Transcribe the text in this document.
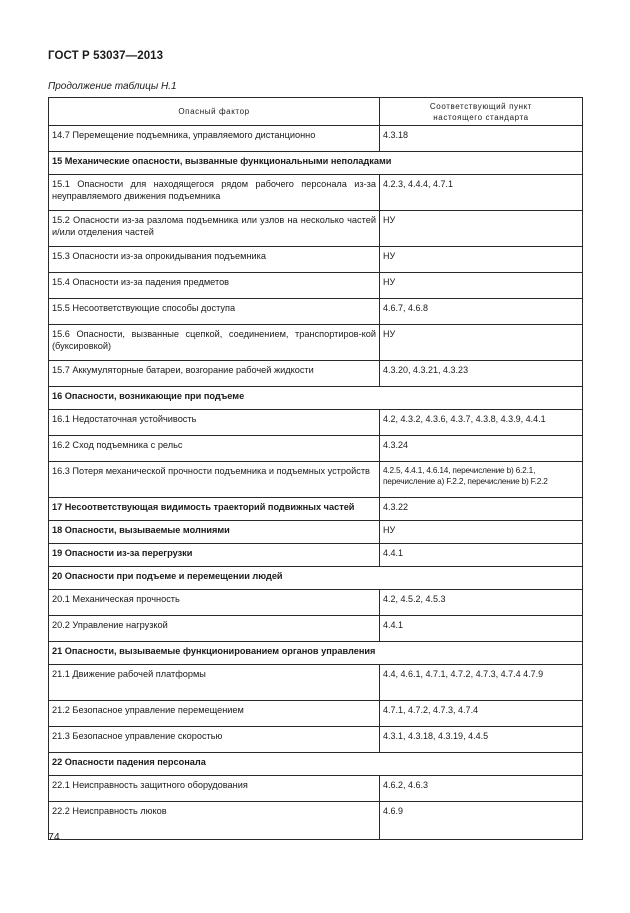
ГОСТ Р 53037—2013
Продолжение таблицы Н.1
Опасный фактор	Соответствующий пункт
настоящего стандарта

14.7 Перемещение подъемника, управляемого дистанционно	4.3.18
15 Механические опасности, вызванные функциональными неполадками	
15.1 Опасности для находящегося рядом рабочего персонала из-за неуправляемого движения подъемника	4.2.3, 4.4.4, 4.7.1
15.2 Опасности из-за разлома подъемника или узлов на несколько частей и/или отделения частей	НУ
15.3 Опасности из-за опрокидывания подъемника	НУ
15.4 Опасности из-за падения предметов	НУ
15.5 Несоответствующие способы доступа	4.6.7, 4.6.8
15.6 Опасности, вызванные сцепкой, соединением, транспортиров-кой (буксировкой)	НУ
15.7 Аккумуляторные батареи, возгорание рабочей жидкости	4.3.20, 4.3.21, 4.3.23
16 Опасности, возникающие при подъеме	
16.1 Недостаточная устойчивость	4.2, 4.3.2, 4.3.6, 4.3.7, 4.3.8, 4.3.9, 4.4.1
16.2 Сход подъемника с рельс	4.3.24
16.3 Потеря механической прочности подъемника и подъемных устройств	4.2.5, 4.4.1, 4.6.14, перечисление b) 6.2.1, перечисление a) F.2.2, перечисление b) F.2.2
17 Несоответствующая видимость траекторий подвижных частей	4.3.22
18 Опасности, вызываемые молниями	НУ
19 Опасности из-за перегрузки	4.4.1
20 Опасности при подъеме и перемещении людей	
20.1 Механическая прочность	4.2, 4.5.2, 4.5.3
20.2 Управление нагрузкой	4.4.1
21 Опасности, вызываемые функционированием органов управления	
21.1 Движение рабочей платформы	4.4, 4.6.1, 4.7.1, 4.7.2, 4.7.3, 4.7.4 4.7.9
21.2 Безопасное управление перемещением	4.7.1, 4.7.2, 4.7.3, 4.7.4
21.3 Безопасное управление скоростью	4.3.1, 4.3.18, 4.3.19, 4.4.5
22 Опасности падения персонала	
22.1 Неисправность защитного оборудования	4.6.2, 4.6.3
22.2 Неисправность люков	4.6.9
74
